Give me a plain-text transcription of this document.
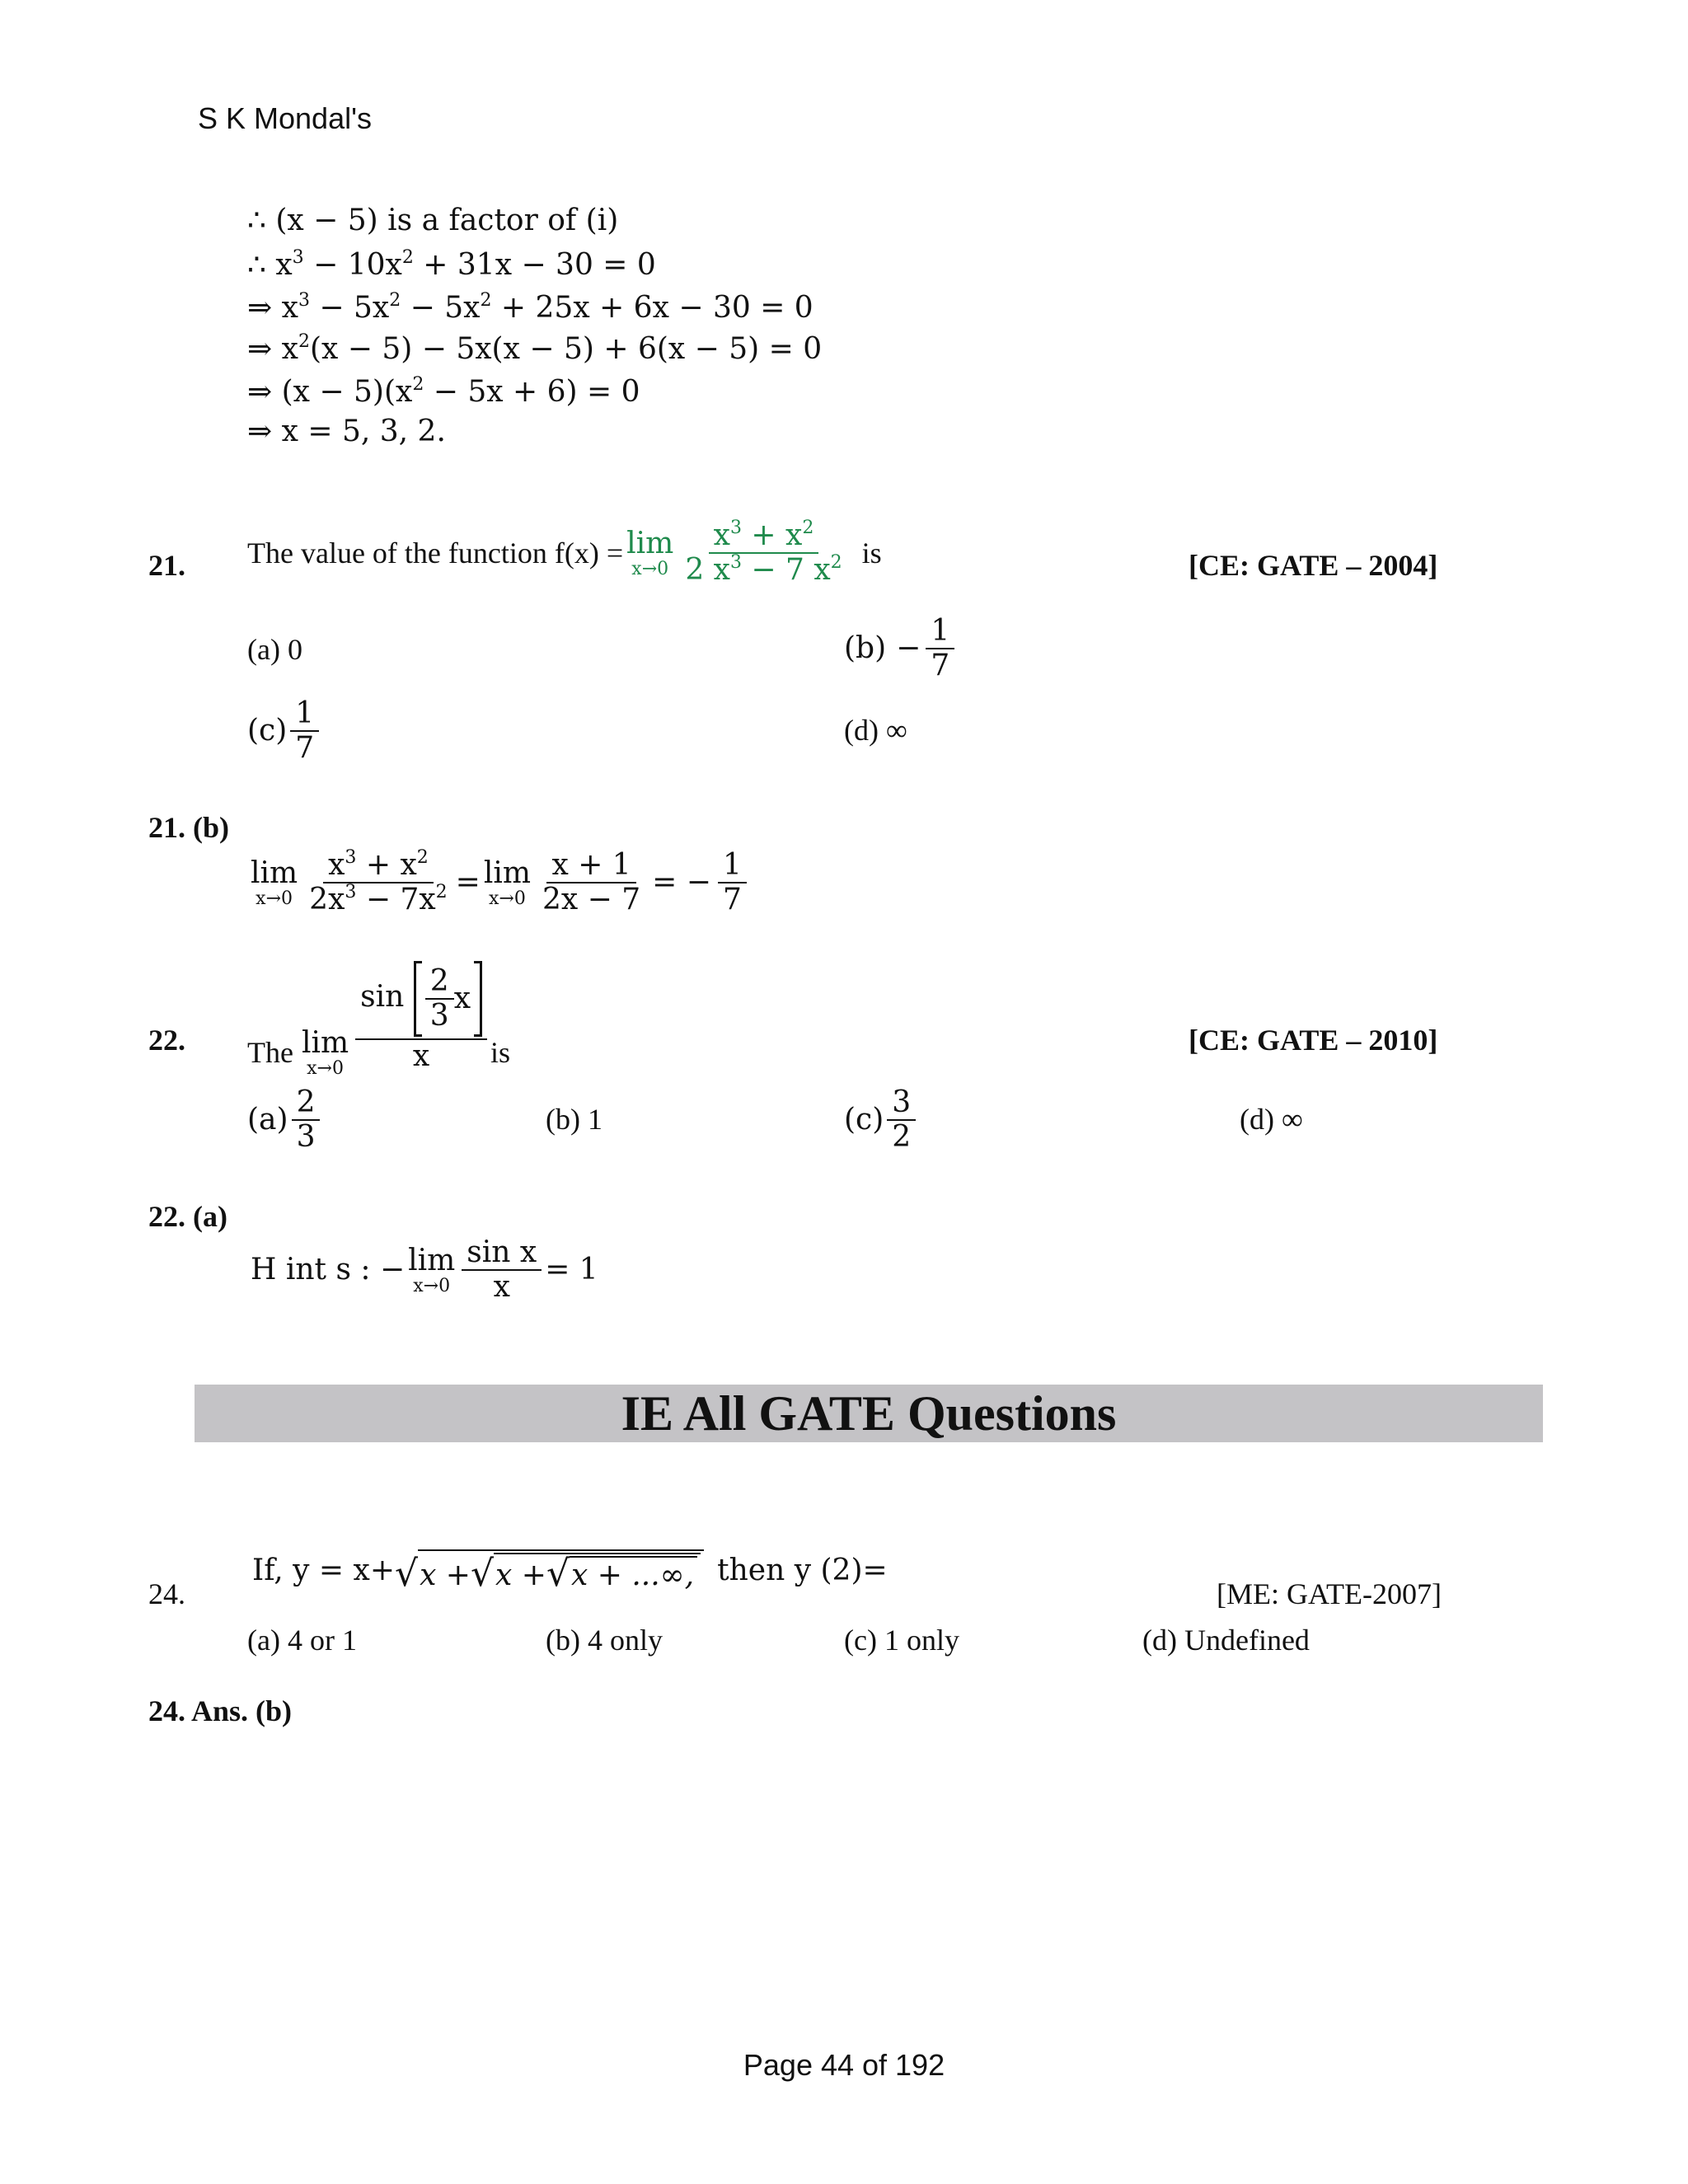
S K Mondal's
∴ (x − 5) is a factor of (i)
∴ $x^3 - 10x^2 + 31x - 30 = 0$
⇒ $x^3 - 5x^2 - 5x^2 + 25x + 6x - 30 = 0$
⇒ $x^2(x - 5) - 5x(x - 5) + 6(x - 5) = 0$
⇒ $(x - 5)(x^2 - 5x + 6) = 0$
⇒ x = 5, 3, 2.
21. The value of the function f(x) = lim
$x\to 0 \frac{x^3 + x^2}{2 x^3 - 7 x^2}$ is	[CE: GATE – 2004]
(a) 0	$(b) - \frac{1}{7}$
$(c) \frac{1}{7}$	(d) ∞
21. (b)
lim
$x\to 0 \frac{x^3 + x^2}{2x^3 - 7x^2} = \lim$
$x\to 0 \frac{x + 1}{2x - 7}$ = − $\frac{1}{7}$
22. The lim
x→0
$\sin \frac{2}{3}$ x
x is	[CE: GATE – 2010]
$(a) \frac{2}{3}$	(b) 1	$(c) \frac{3}{2}$	(d) ∞
22. (a)
H int s : − lim
$x\to 0 \frac{\text{sin x}}{x} = 1$
IE All GATE Questions
24.
If, y = x+ √ x + √ x + √ x + ...∞, then y (2)=
[ME: GATE-2007]
(a) 4 or 1	(b) 4 only	(c) 1 only	(d) Undefined
24. Ans. (b)
Page 44 of 192
